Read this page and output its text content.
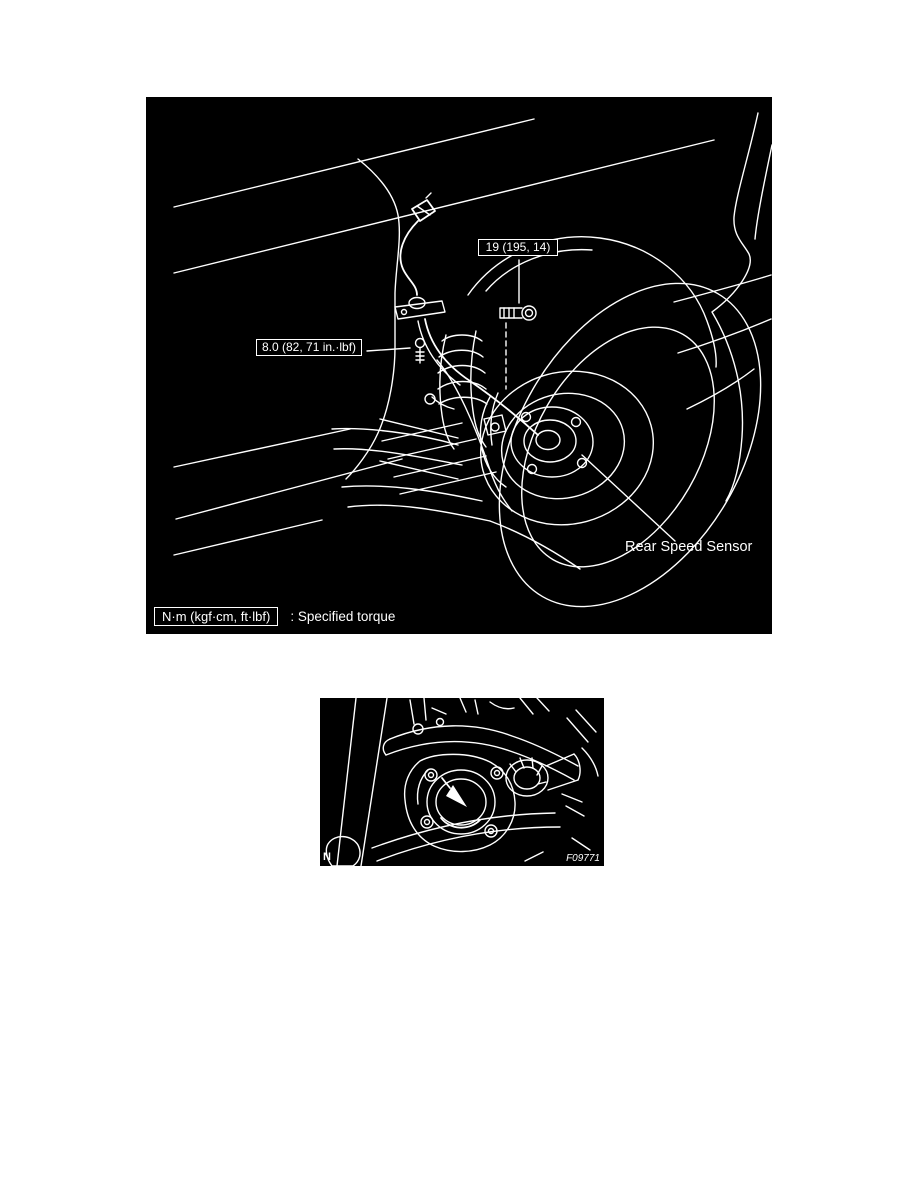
19 (195, 14)
8.0 (82, 71 in.·lbf)
Rear Speed Sensor
N·m (kgf·cm, ft·lbf)	: Specified torque
N	F09771
